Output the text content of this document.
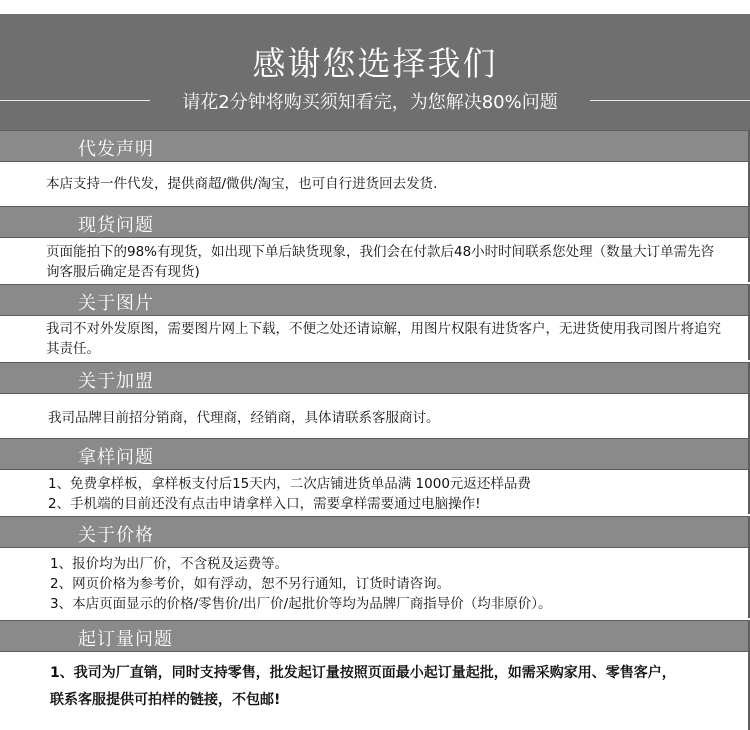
感谢您选择我们
请花2分钟将购买须知看完，为您解决80%问题
代发声明

本店支持一件代发，提供商超/微供/淘宝，也可自行进货回去发货.

现货问题

页面能拍下的98%有现货，如出现下单后缺货现象，我们会在付款后48小时时间联系您处理（数量大订单需先咨询客服后确定是否有现货)

关于图片

我司不对外发原图，需要图片网上下载，不便之处还请谅解，用图片权限有进货客户，无进货使用我司图片将追究其责任。

关于加盟

我司品牌目前招分销商，代理商，经销商，具体请联系客服商讨。

拿样问题

1、免费拿样板，拿样板支付后15天内，二次店铺进货单品满 1000元返还样品费

2、手机端的目前还没有点击申请拿样入口，需要拿样需要通过电脑操作!

关于价格

1、报价均为出厂价，不含税及运费等。

2、网页价格为参考价，如有浮动，恕不另行通知，订货时请咨询。

3、本店页面显示的价格/零售价/出厂价/起批价等均为品牌厂商指导价（均非原价）。

起订量问题

1、我司为厂直销，同时支持零售，批发起订量按照页面最小起订量起批，如需采购家用、零售客户，

联系客服提供可拍样的链接，不包邮!
